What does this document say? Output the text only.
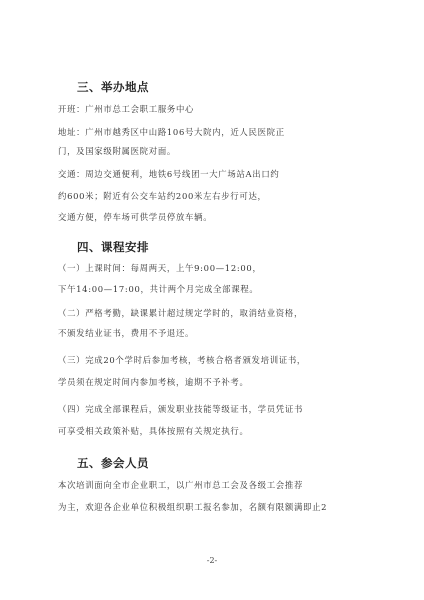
三、举办地点
开班：广州市总工会职工服务中心
地址：广州市越秀区中山路106号大院内，近人民医院正
门，及国家级附属医院对面。
交通：周边交通便利，地铁6号线团一大广场站A出口约
约600米；附近有公交车站约200米左右步行可达，
交通方便，停车场可供学员停放车辆。
四、课程安排
（一）上课时间：每周两天，上午9:00—12:00，
下午14:00—17:00，共计两个月完成全部课程。
（二）严格考勤，缺课累计超过规定学时的，取消结业资格，
不颁发结业证书，费用不予退还。
（三）完成20个学时后参加考核，考核合格者颁发培训证书，
学员须在规定时间内参加考核，逾期不予补考。
（四）完成全部课程后，颁发职业技能等级证书，学员凭证书
可享受相关政策补贴，具体按照有关规定执行。
五、参会人员
本次培训面向全市企业职工，以广州市总工会及各级工会推荐
为主，欢迎各企业单位积极组织职工报名参加，名额有限额满即止2
-2-
